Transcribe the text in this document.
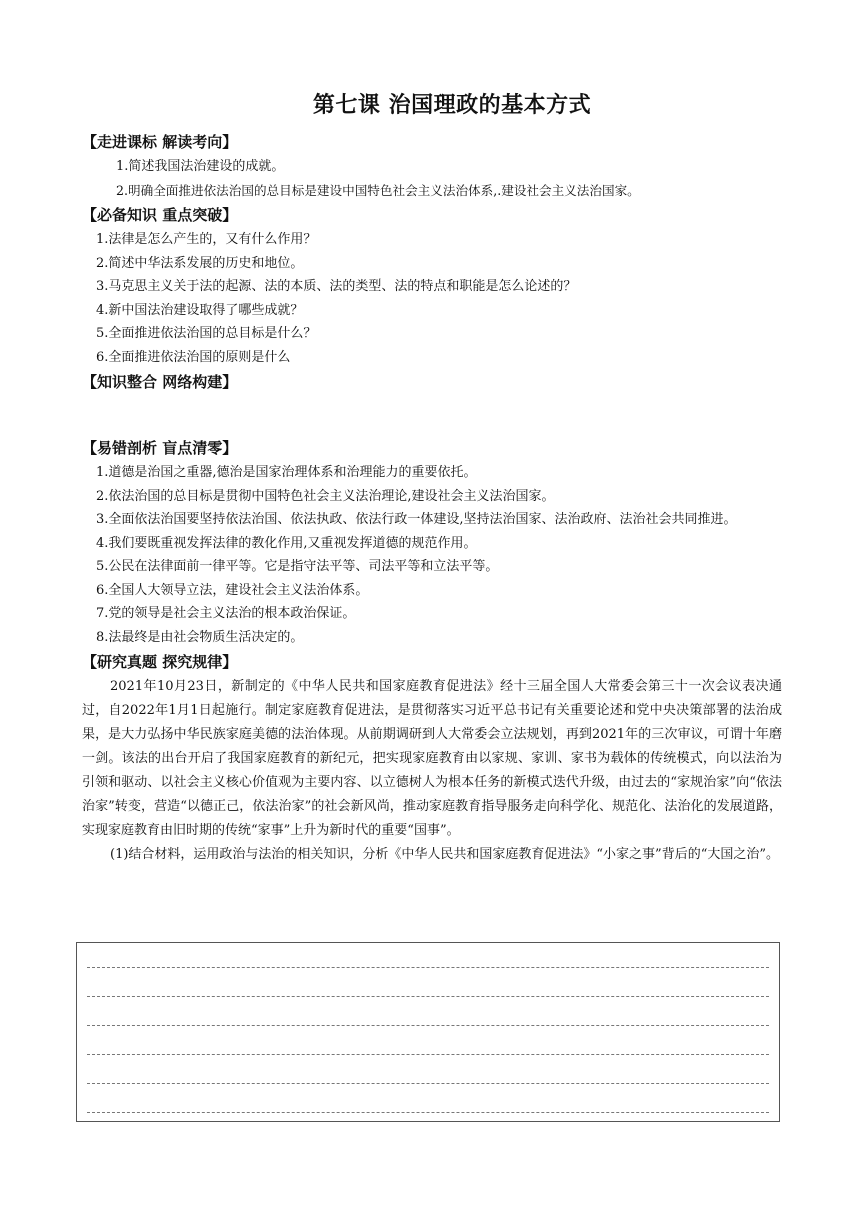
第七课 治国理政的基本方式

【走进课标 解读考向】

1.简述我国法治建设的成就。
2.明确全面推进依法治国的总目标是建设中国特色社会主义法治体系,.建设社会主义法治国家。

【必备知识 重点突破】

1.法律是怎么产生的，又有什么作用？
2.简述中华法系发展的历史和地位。
3.马克思主义关于法的起源、法的本质、法的类型、法的特点和职能是怎么论述的？
4.新中国法治建设取得了哪些成就？
5.全面推进依法治国的总目标是什么？
6.全面推进依法治国的原则是什么

【知识整合 网络构建】

【易错剖析 盲点清零】

1.道德是治国之重器,德治是国家治理体系和治理能力的重要依托。
2.依法治国的总目标是贯彻中国特色社会主义法治理论,建设社会主义法治国家。
3.全面依法治国要坚持依法治国、依法执政、依法行政一体建设,坚持法治国家、法治政府、法治社会共同推进。
4.我们要既重视发挥法律的教化作用,又重视发挥道德的规范作用。
5.公民在法律面前一律平等。它是指守法平等、司法平等和立法平等。
6.全国人大领导立法，建设社会主义法治体系。
7.党的领导是社会主义法治的根本政治保证。
8.法最终是由社会物质生活决定的。

【研究真题 探究规律】

2021年10月23日，新制定的《中华人民共和国家庭教育促进法》经十三届全国人大常委会第三十一次会议表决通过，自2022年1月1日起施行。制定家庭教育促进法，是贯彻落实习近平总书记有关重要论述和党中央决策部署的法治成果，是大力弘扬中华民族家庭美德的法治体现。从前期调研到人大常委会立法规划，再到2021年的三次审议，可谓十年磨一剑。该法的出台开启了我国家庭教育的新纪元，把实现家庭教育由以家规、家训、家书为载体的传统模式，向以法治为引领和驱动、以社会主义核心价值观为主要内容、以立德树人为根本任务的新模式迭代升级，由过去的“家规治家”向“依法治家”转变，营造“以德正己，依法治家”的社会新风尚，推动家庭教育指导服务走向科学化、规范化、法治化的发展道路，实现家庭教育由旧时期的传统“家事”上升为新时代的重要“国事”。

(1)结合材料，运用政治与法治的相关知识，分析《中华人民共和国家庭教育促进法》“小家之事”背后的“大国之治”。
